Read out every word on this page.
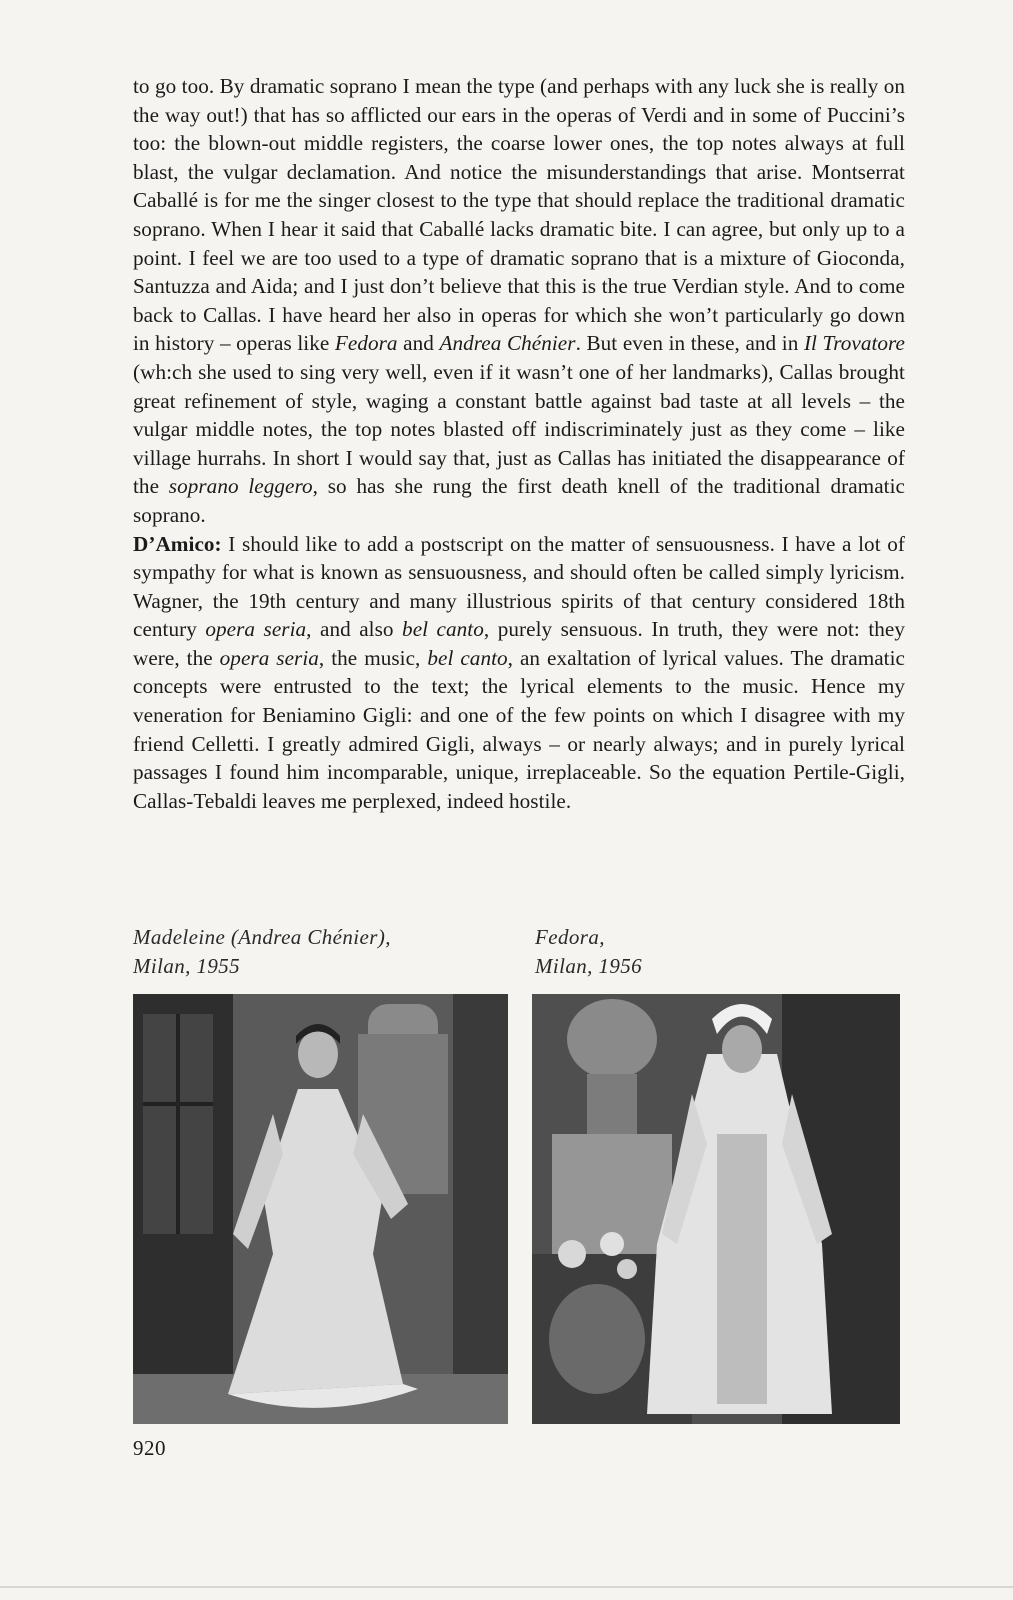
to go too. By dramatic soprano I mean the type (and perhaps with any luck she is really on the way out!) that has so afflicted our ears in the operas of Verdi and in some of Puccini’s too: the blown-out middle registers, the coarse lower ones, the top notes always at full blast, the vulgar declamation. And notice the misunderstandings that arise. Montserrat Caballé is for me the singer closest to the type that should replace the traditional dramatic soprano. When I hear it said that Caballé lacks dramatic bite. I can agree, but only up to a point. I feel we are too used to a type of dramatic soprano that is a mixture of Gioconda, Santuzza and Aida; and I just don’t believe that this is the true Verdian style. And to come back to Callas. I have heard her also in operas for which she won’t particularly go down in history – operas like Fedora and Andrea Chénier. But even in these, and in Il Trovatore (wh:ch she used to sing very well, even if it wasn’t one of her landmarks), Callas brought great refinement of style, waging a constant battle against bad taste at all levels – the vulgar middle notes, the top notes blasted off indiscriminately just as they come – like village hurrahs. In short I would say that, just as Callas has initiated the disappearance of the soprano leggero, so has she rung the first death knell of the traditional dramatic soprano.

D’Amico: I should like to add a postscript on the matter of sensuousness. I have a lot of sympathy for what is known as sensuousness, and should often be called simply lyricism. Wagner, the 19th century and many illustrious spirits of that century considered 18th century opera seria, and also bel canto, purely sensuous. In truth, they were not: they were, the opera seria, the music, bel canto, an exaltation of lyrical values. The dramatic concepts were entrusted to the text; the lyrical elements to the music. Hence my veneration for Beniamino Gigli: and one of the few points on which I disagree with my friend Celletti. I greatly admired Gigli, always – or nearly always; and in purely lyrical passages I found him incomparable, unique, irreplaceable. So the equation Pertile-Gigli, Callas-Tebaldi leaves me perplexed, indeed hostile.

Madeleine (Andrea Chénier),
Milan, 1955
Fedora,
Milan, 1956
920
